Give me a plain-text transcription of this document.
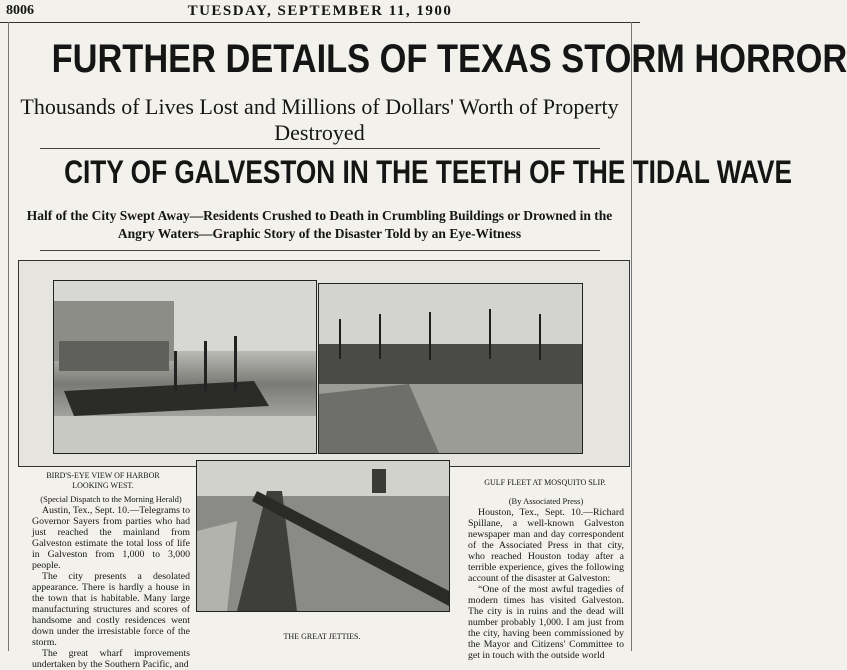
8006	TUESDAY, SEPTEMBER 11, 1900
FURTHER DETAILS OF TEXAS STORM HORROR
Thousands of Lives Lost and Millions of Dollars' Worth of Property Destroyed
CITY OF GALVESTON IN THE TEETH OF THE TIDAL WAVE
Half of the City Swept Away—Residents Crushed to Death in Crumbling Buildings or Drowned in the Angry Waters—Graphic Story of the Disaster Told by an Eye-Witness
BIRD'S-EYE VIEW OF HARBOR LOOKING WEST.	GULF FLEET AT MOSQUITO SLIP.
THE GREAT JETTIES.

(Special Dispatch to the Morning Herald)

Austin, Tex., Sept. 10.—Telegrams to Governor Sayers from parties who had just reached the mainland from Galveston estimate the total loss of life in Galveston from 1,000 to 3,000 people.

The city presents a desolated appearance. There is hardly a house in the town that is habitable. Many large manufacturing structures and scores of handsome and costly residences went down under the irresistable force of the storm.

The great wharf improvements undertaken by the Southern Pacific, and

(By Associated Press)

Houston, Tex., Sept. 10.—Richard Spillane, a well-known Galveston newspaper man and day correspondent of the Associated Press in that city, who reached Houston today after a terrible experience, gives the following account of the disaster at Galveston:

“One of the most awful tragedies of modern times has visited Galveston. The city is in ruins and the dead will number probably 1,000. I am just from the city, having been commissioned by the Mayor and Citizens' Committee to get in touch with the outside world
